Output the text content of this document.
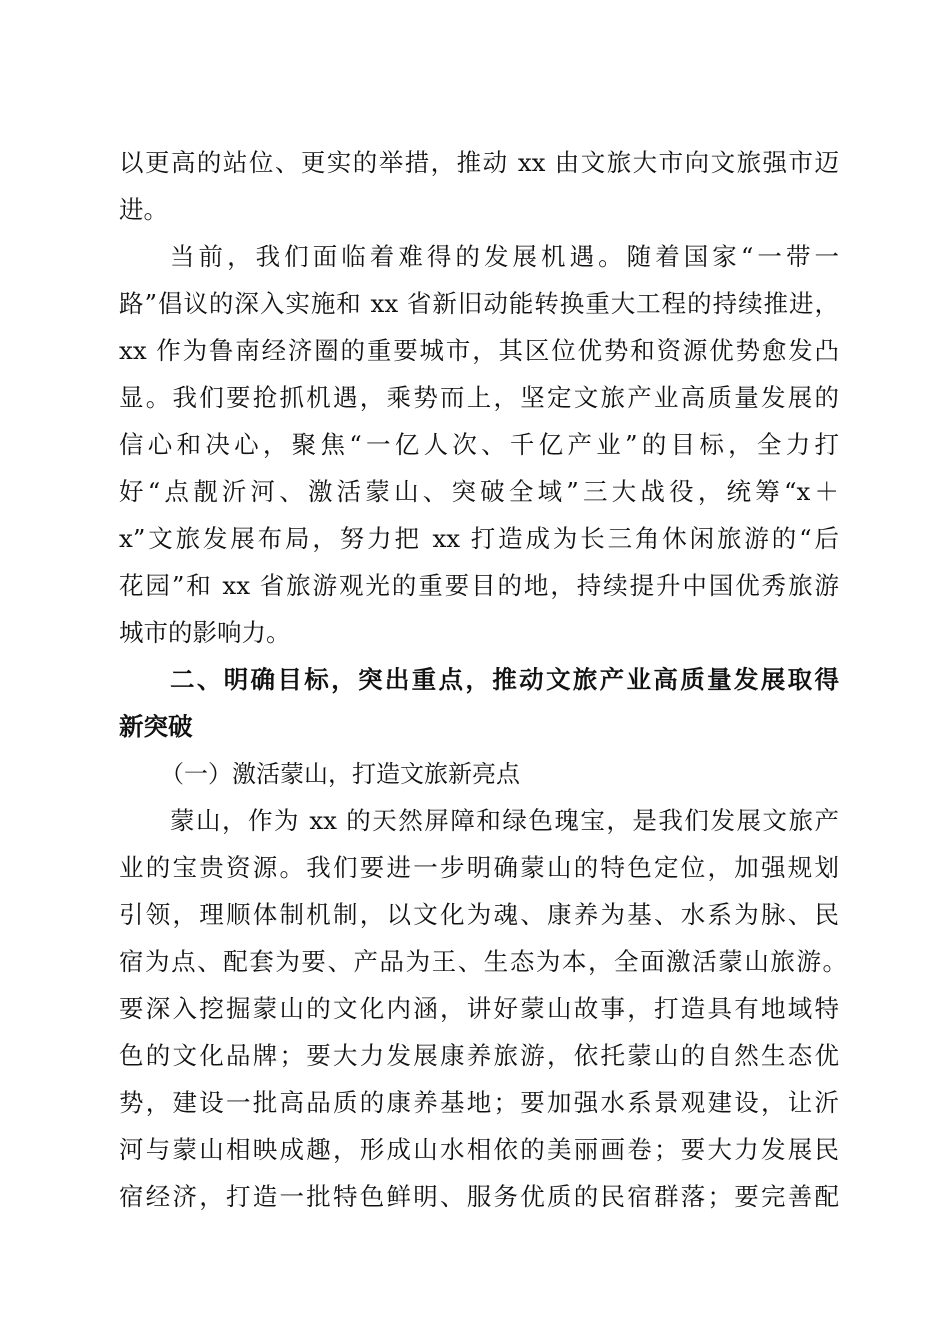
以更高的站位、更实的举措，推动 xx 由文旅大市向文旅强市迈
进。
当前，我们面临着难得的发展机遇。随着国家“一带一
路”倡议的深入实施和 xx 省新旧动能转换重大工程的持续推进，
xx 作为鲁南经济圈的重要城市，其区位优势和资源优势愈发凸
显。我们要抢抓机遇，乘势而上，坚定文旅产业高质量发展的
信心和决心，聚焦“一亿人次、千亿产业”的目标，全力打
好“点靓沂河、激活蒙山、突破全域”三大战役，统筹“x＋
x”文旅发展布局，努力把 xx 打造成为长三角休闲旅游的“后
花园”和 xx 省旅游观光的重要目的地，持续提升中国优秀旅游
城市的影响力。
二、明确目标，突出重点，推动文旅产业高质量发展取得
新突破
（一）激活蒙山，打造文旅新亮点
蒙山，作为 xx 的天然屏障和绿色瑰宝，是我们发展文旅产
业的宝贵资源。我们要进一步明确蒙山的特色定位，加强规划
引领，理顺体制机制，以文化为魂、康养为基、水系为脉、民
宿为点、配套为要、产品为王、生态为本，全面激活蒙山旅游。
要深入挖掘蒙山的文化内涵，讲好蒙山故事，打造具有地域特
色的文化品牌；要大力发展康养旅游，依托蒙山的自然生态优
势，建设一批高品质的康养基地；要加强水系景观建设，让沂
河与蒙山相映成趣，形成山水相依的美丽画卷；要大力发展民
宿经济，打造一批特色鲜明、服务优质的民宿群落；要完善配
